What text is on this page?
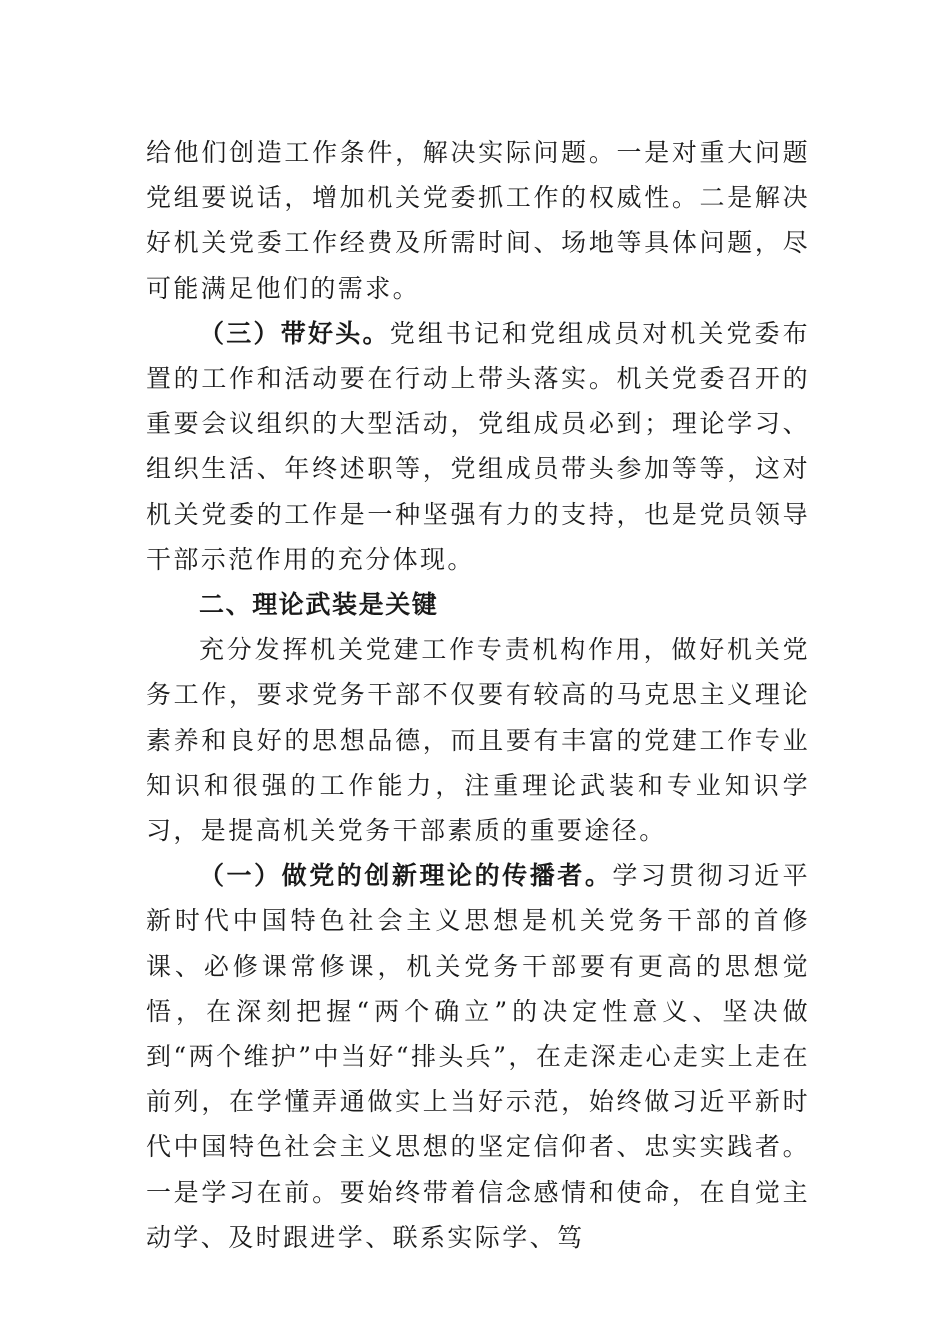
给他们创造工作条件，解决实际问题。一是对重大问题党组要说话，增加机关党委抓工作的权威性。二是解决好机关党委工作经费及所需时间、场地等具体问题，尽可能满足他们的需求。

（三）带好头。党组书记和党组成员对机关党委布置的工作和活动要在行动上带头落实。机关党委召开的重要会议组织的大型活动，党组成员必到；理论学习、组织生活、年终述职等，党组成员带头参加等等，这对机关党委的工作是一种坚强有力的支持，也是党员领导干部示范作用的充分体现。

二、理论武装是关键

充分发挥机关党建工作专责机构作用，做好机关党务工作，要求党务干部不仅要有较高的马克思主义理论素养和良好的思想品德，而且要有丰富的党建工作专业知识和很强的工作能力，注重理论武装和专业知识学习，是提高机关党务干部素质的重要途径。

（一）做党的创新理论的传播者。学习贯彻习近平新时代中国特色社会主义思想是机关党务干部的首修课、必修课常修课，机关党务干部要有更高的思想觉悟，在深刻把握“两个确立”的决定性意义、坚决做到“两个维护”中当好“排头兵”，在走深走心走实上走在前列，在学懂弄通做实上当好示范，始终做习近平新时代中国特色社会主义思想的坚定信仰者、忠实实践者。一是学习在前。要始终带着信念感情和使命，在自觉主动学、及时跟进学、联系实际学、笃
